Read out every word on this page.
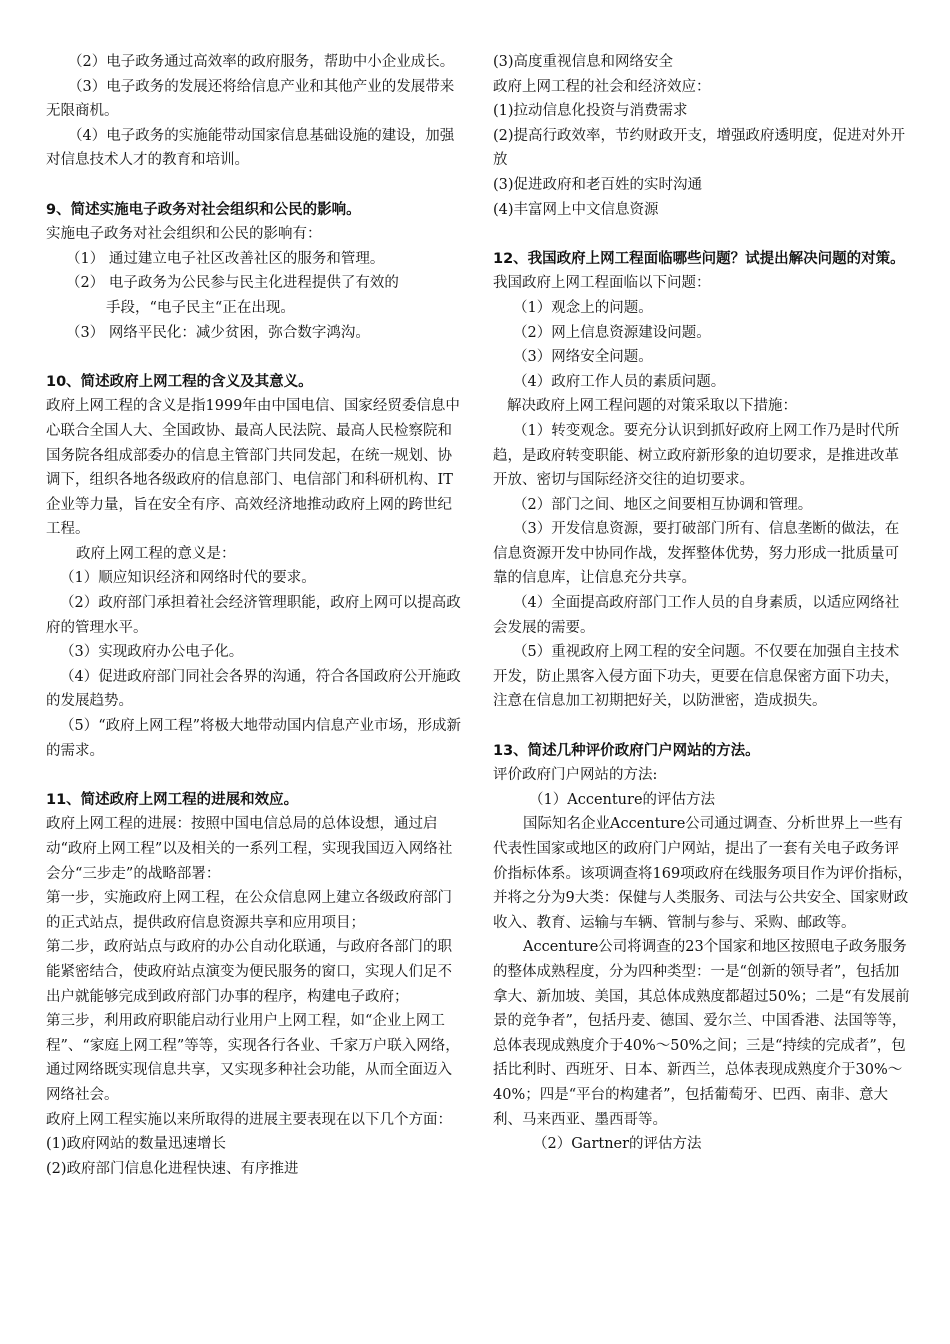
（2）电子政务通过高效率的政府服务，帮助中小企业成长。

（3）电子政务的发展还将给信息产业和其他产业的发展带来无限商机。

（4）电子政务的实施能带动国家信息基础设施的建设，加强对信息技术人才的教育和培训。

9、简述实施电子政务对社会组织和公民的影响。

实施电子政务对社会组织和公民的影响有：

（1） 通过建立电子社区改善社区的服务和管理。

（2） 电子政务为公民参与民主化进程提供了有效的

手段，“电子民主“正在出现。

（3） 网络平民化：减少贫困，弥合数字鸿沟。

10、简述政府上网工程的含义及其意义。

政府上网工程的含义是指1999年由中国电信、国家经贸委信息中心联合全国人大、全国政协、最高人民法院、最高人民检察院和国务院各组成部委办的信息主管部门共同发起，在统一规划、协调下，组织各地各级政府的信息部门、电信部门和科研机构、IT企业等力量，旨在安全有序、高效经济地推动政府上网的跨世纪工程。

政府上网工程的意义是：

（1）顺应知识经济和网络时代的要求。

（2）政府部门承担着社会经济管理职能，政府上网可以提高政府的管理水平。

（3）实现政府办公电子化。

（4）促进政府部门同社会各界的沟通，符合各国政府公开施政的发展趋势。

（5）“政府上网工程”将极大地带动国内信息产业市场，形成新的需求。

11、简述政府上网工程的进展和效应。

政府上网工程的进展：按照中国电信总局的总体设想，通过启动“政府上网工程”以及相关的一系列工程，实现我国迈入网络社会分“三步走”的战略部署：

第一步，实施政府上网工程，在公众信息网上建立各级政府部门的正式站点，提供政府信息资源共享和应用项目；

第二步，政府站点与政府的办公自动化联通，与政府各部门的职能紧密结合，使政府站点演变为便民服务的窗口，实现人们足不出户就能够完成到政府部门办事的程序，构建电子政府；

第三步，利用政府职能启动行业用户上网工程，如“企业上网工程”、“家庭上网工程”等等，实现各行各业、千家万户联入网络，通过网络既实现信息共享，又实现多种社会功能，从而全面迈入网络社会。

政府上网工程实施以来所取得的进展主要表现在以下几个方面：

(1)政府网站的数量迅速增长

(2)政府部门信息化进程快速、有序推进

(3)高度重视信息和网络安全

政府上网工程的社会和经济效应：

(1)拉动信息化投资与消费需求

(2)提高行政效率，节约财政开支，增强政府透明度，促进对外开放

(3)促进政府和老百姓的实时沟通

(4)丰富网上中文信息资源

12、我国政府上网工程面临哪些问题？试提出解决问题的对策。

我国政府上网工程面临以下问题：

（1）观念上的问题。

（2）网上信息资源建设问题。

（3）网络安全问题。

（4）政府工作人员的素质问题。

解决政府上网工程问题的对策采取以下措施：

（1）转变观念。要充分认识到抓好政府上网工作乃是时代所趋，是政府转变职能、树立政府新形象的迫切要求，是推进改革开放、密切与国际经济交往的迫切要求。

（2）部门之间、地区之间要相互协调和管理。

（3）开发信息资源，要打破部门所有、信息垄断的做法，在信息资源开发中协同作战，发挥整体优势，努力形成一批质量可靠的信息库，让信息充分共享。

（4）全面提高政府部门工作人员的自身素质，以适应网络社会发展的需要。

（5）重视政府上网工程的安全问题。不仅要在加强自主技术开发，防止黑客入侵方面下功夫，更要在信息保密方面下功夫，注意在信息加工初期把好关，以防泄密，造成损失。

13、简述几种评价政府门户网站的方法。

评价政府门户网站的方法:

（1）Accenture的评估方法

国际知名企业Accenture公司通过调查、分析世界上一些有代表性国家或地区的政府门户网站，提出了一套有关电子政务评价指标体系。该项调查将169项政府在线服务项目作为评价指标，并将之分为9大类：保健与人类服务、司法与公共安全、国家财政收入、教育、运输与车辆、管制与参与、采购、邮政等。

Accenture公司将调查的23个国家和地区按照电子政务服务的整体成熟程度，分为四种类型：一是“创新的领导者”，包括加拿大、新加坡、美国，其总体成熟度都超过50%；二是“有发展前景的竞争者”，包括丹麦、德国、爱尔兰、中国香港、法国等等，总体表现成熟度介于40%～50%之间；三是“持续的完成者”，包括比利时、西班牙、日本、新西兰，总体表现成熟度介于30%～40%；四是“平台的构建者”，包括葡萄牙、巴西、南非、意大利、马来西亚、墨西哥等。

（2）Gartner的评估方法
